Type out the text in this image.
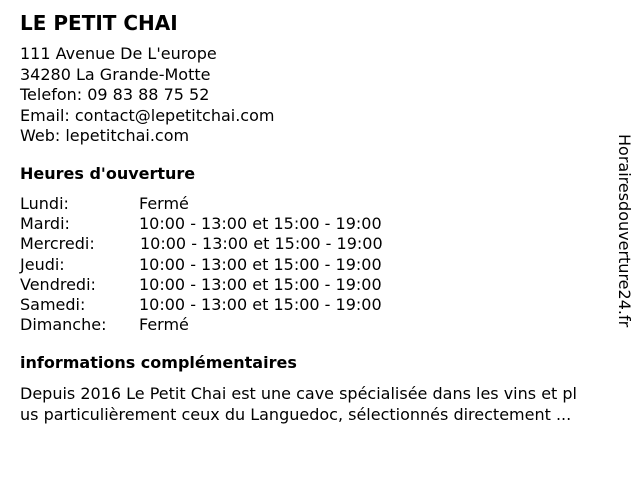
LE PETIT CHAI
111 Avenue De L'europe
34280 La Grande-Motte
Telefon: 09 83 88 75 52
Email: contact@lepetitchai.com
Web: lepetitchai.com
Heures d'ouverture
Lundi:	Fermé
Mardi:	10:00 - 13:00 et 15:00 - 19:00
Mercredi:	10:00 - 13:00 et 15:00 - 19:00
Jeudi:	10:00 - 13:00 et 15:00 - 19:00
Vendredi:	10:00 - 13:00 et 15:00 - 19:00
Samedi:	10:00 - 13:00 et 15:00 - 19:00
Dimanche: Fermé
informations complémentaires
Depuis 2016 Le Petit Chai est une cave spécialisée dans les vins et pl
us particulièrement ceux du Languedoc, sélectionnés directement ...
Horairesdouverture24.fr
